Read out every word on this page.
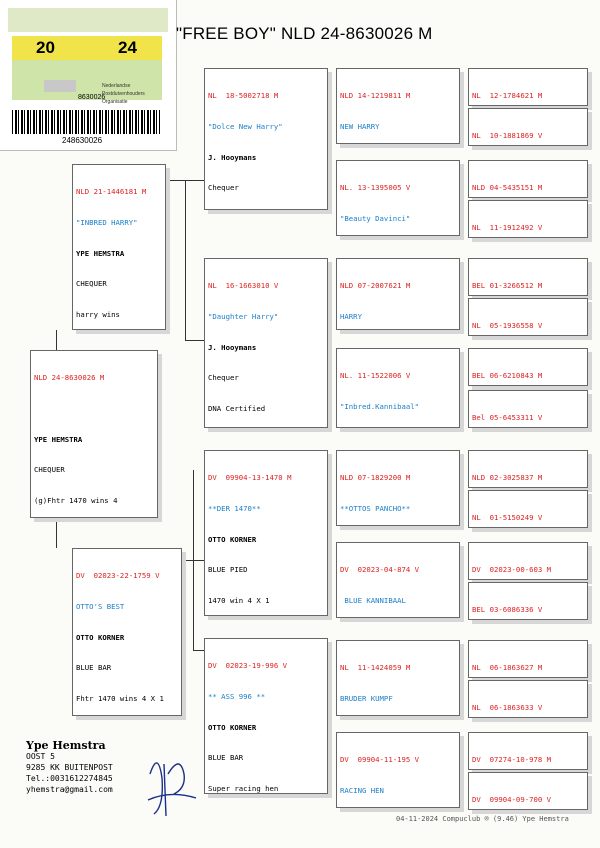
20	24
8630026
Nederlandse
Postduivenhouders
Organisatie
248630026
"FREE BOY" NLD 24-8630026 M

NLD 24-8630026 M

YPE HEMSTRA

CHEQUER

(g)Fhtr 1470 wins 4

NLD 21-1446181 M

"INBRED HARRY"

YPE HEMSTRA

CHEQUER

harry wins

DV  02023-22-1759 V

OTTO'S BEST

OTTO KORNER

BLUE BAR

Fhtr 1470 wins 4 X 1

NL  18-5002718 M

"Dolce New Harry"

J. Hooymans

Chequer

NL  16-1663010 V

"Daughter Harry"

J. Hooymans

Chequer

DNA Certified

DV  09904-13-1470 M

**DER 1470**

OTTO KORNER

BLUE PIED

1470 win 4 X 1

DV  02023-19-996 V

** ASS 996 **

OTTO KORNER

BLUE BAR

Super racing hen

NLD 14-1219811 M

NEW HARRY

NL. 13-1395005 V

"Beauty Davinci"

NLD 07-2007621 M

HARRY

NL. 11-1522006 V

"Inbred.Kannibaal"

NLD 07-1829200 M

**OTTOS PANCHO**

DV  02023-04-874 V

BLUE KANNIBAAL

NL  11-1424059 M

BRUDER KUMPF

DV  09904-11-195 V

RACING HEN

NL  12-1784621 M

NL  10-1881869 V

NLD 04-5435151 M

NL  11-1912492 V

BEL 01-3266512 M

NL  05-1936558 V

BEL 06-6210843 M

Bel 05-6453311 V

NLD 02-3025837 M

NL  01-5150249 V

DV  02023-00-603 M

BEL 03-6086336 V

NL  06-1863627 M

NL  06-1863633 V

DV  07274-10-978 M

DV  09904-09-700 V

Ype Hemstra
OOST 5
9285 KK BUITENPOST
Tel.:0031612274845
yhemstra@gmail.com
04-11-2024 Compuclub ® (9.46) Ype Hemstra
